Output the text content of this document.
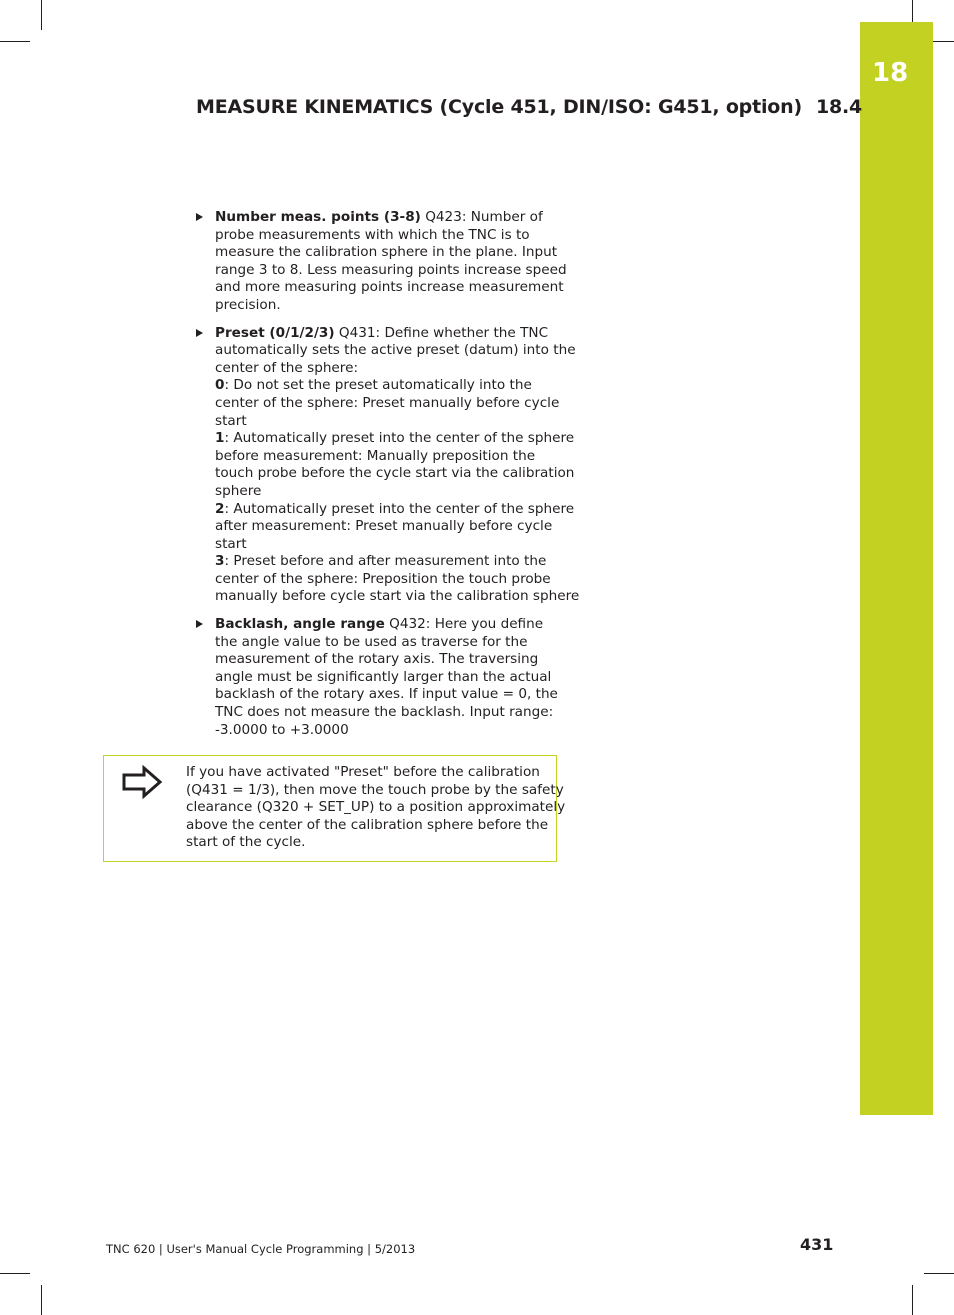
18
MEASURE KINEMATICS (Cycle 451, DIN/ISO: G451, option) 18.4
Number meas. points (3-8) Q423: Number of
probe measurements with which the TNC is to
measure the calibration sphere in the plane. Input
range 3 to 8. Less measuring points increase speed
and more measuring points increase measurement
precision.
Preset (0/1/2/3) Q431: Define whether the TNC
automatically sets the active preset (datum) into the
center of the sphere:
0: Do not set the preset automatically into the
center of the sphere: Preset manually before cycle
start
1: Automatically preset into the center of the sphere
before measurement: Manually preposition the
touch probe before the cycle start via the calibration
sphere
2: Automatically preset into the center of the sphere
after measurement: Preset manually before cycle
start
3: Preset before and after measurement into the
center of the sphere: Preposition the touch probe
manually before cycle start via the calibration sphere
Backlash, angle range Q432: Here you define
the angle value to be used as traverse for the
measurement of the rotary axis. The traversing
angle must be significantly larger than the actual
backlash of the rotary axes. If input value = 0, the
TNC does not measure the backlash. Input range:
-3.0000 to +3.0000
If you have activated "Preset" before the calibration
(Q431 = 1/3), then move the touch probe by the safety
clearance (Q320 + SET_UP) to a position approximately
above the center of the calibration sphere before the
start of the cycle.
TNC 620 | User's Manual Cycle Programming | 5/2013	431
